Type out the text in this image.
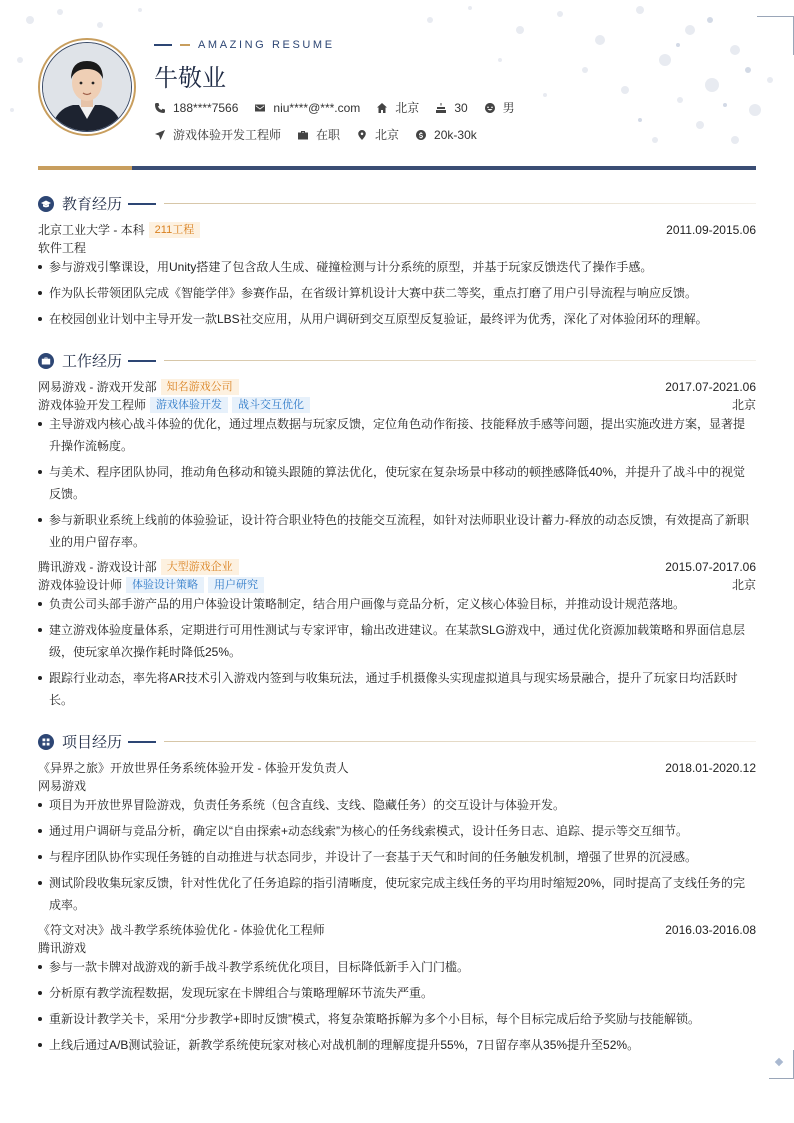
AMAZING RESUME
牛敬业
188****7566	niu****@***.com	北京	30	男
游戏体验开发工程师	在职	北京	20k-30k
教育经历
北京工业大学 - 本科 211工程	2011.09-2015.06
软件工程
参与游戏引擎课设，用Unity搭建了包含敌人生成、碰撞检测与计分系统的原型，并基于玩家反馈迭代了操作手感。
作为队长带领团队完成《智能学伴》参赛作品，在省级计算机设计大赛中获二等奖，重点打磨了用户引导流程与响应反馈。
在校园创业计划中主导开发一款LBS社交应用，从用户调研到交互原型反复验证，最终评为优秀，深化了对体验闭环的理解。
工作经历
网易游戏 - 游戏开发部 知名游戏公司	2017.07-2021.06
游戏体验开发工程师 游戏体验开发	战斗交互优化	北京
主导游戏内核心战斗体验的优化，通过埋点数据与玩家反馈，定位角色动作衔接、技能释放手感等问题，提出实施改进方案，显著提升操作流畅度。
与美术、程序团队协同，推动角色移动和镜头跟随的算法优化，使玩家在复杂场景中移动的顿挫感降低40%，并提升了战斗中的视觉反馈。
参与新职业系统上线前的体验验证，设计符合职业特色的技能交互流程，如针对法师职业设计蓄力-释放的动态反馈，有效提高了新职业的用户留存率。
腾讯游戏 - 游戏设计部 大型游戏企业	2015.07-2017.06
游戏体验设计师 体验设计策略	用户研究	北京
负责公司头部手游产品的用户体验设计策略制定，结合用户画像与竞品分析，定义核心体验目标，并推动设计规范落地。
建立游戏体验度量体系，定期进行可用性测试与专家评审，输出改进建议。在某款SLG游戏中，通过优化资源加载策略和界面信息层级，使玩家单次操作耗时降低25%。
跟踪行业动态，率先将AR技术引入游戏内签到与收集玩法，通过手机摄像头实现虚拟道具与现实场景融合，提升了玩家日均活跃时长。
项目经历
《异界之旅》开放世界任务系统体验开发 - 体验开发负责人	2018.01-2020.12
网易游戏
项目为开放世界冒险游戏，负责任务系统（包含直线、支线、隐藏任务）的交互设计与体验开发。
通过用户调研与竞品分析，确定以“自由探索+动态线索”为核心的任务线索模式，设计任务日志、追踪、提示等交互细节。
与程序团队协作实现任务链的自动推进与状态同步，并设计了一套基于天气和时间的任务触发机制，增强了世界的沉浸感。
测试阶段收集玩家反馈，针对性优化了任务追踪的指引清晰度，使玩家完成主线任务的平均用时缩短20%，同时提高了支线任务的完成率。
《符文对决》战斗教学系统体验优化 - 体验优化工程师	2016.03-2016.08
腾讯游戏
参与一款卡牌对战游戏的新手战斗教学系统优化项目，目标降低新手入门门槛。
分析原有教学流程数据，发现玩家在卡牌组合与策略理解环节流失严重。
重新设计教学关卡，采用“分步教学+即时反馈”模式，将复杂策略拆解为多个小目标，每个目标完成后给予奖励与技能解锁。
上线后通过A/B测试验证，新教学系统使玩家对核心对战机制的理解度提升55%，7日留存率从35%提升至52%。
